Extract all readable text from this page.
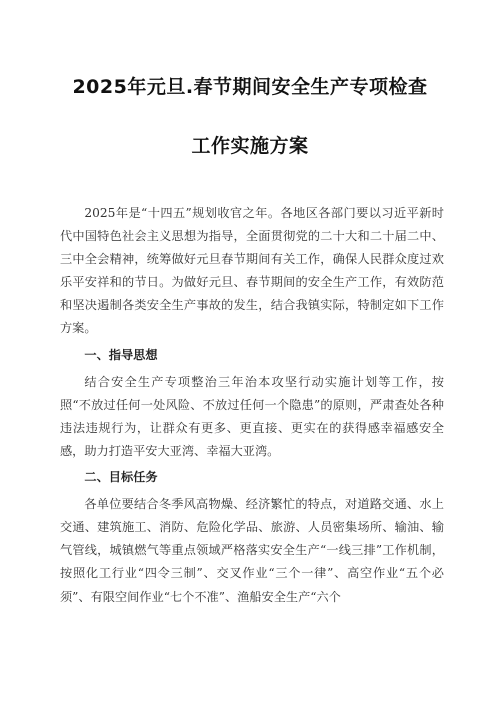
2025年元旦.春节期间安全生产专项检查
工作实施方案

2025年是“十四五”规划收官之年。各地区各部门要以习近平新时代中国特色社会主义思想为指导，全面贯彻党的二十大和二十届二中、三中全会精神，统筹做好元旦春节期间有关工作，确保人民群众度过欢乐平安祥和的节日。为做好元旦、春节期间的安全生产工作，有效防范和坚决遏制各类安全生产事故的发生，结合我镇实际，特制定如下工作方案。

一、指导思想

结合安全生产专项整治三年治本攻坚行动实施计划等工作，按照“不放过任何一处风险、不放过任何一个隐患”的原则，严肃查处各种违法违规行为，让群众有更多、更直接、更实在的获得感幸福感安全感，助力打造平安大亚湾、幸福大亚湾。

二、目标任务

各单位要结合冬季风高物燥、经济繁忙的特点，对道路交通、水上交通、建筑施工、消防、危险化学品、旅游、人员密集场所、输油、输气管线，城镇燃气等重点领域严格落实安全生产“一线三排”工作机制，按照化工行业“四令三制”、交叉作业“三个一律”、高空作业“五个必须”、有限空间作业“七个不准”、渔船安全生产“六个
